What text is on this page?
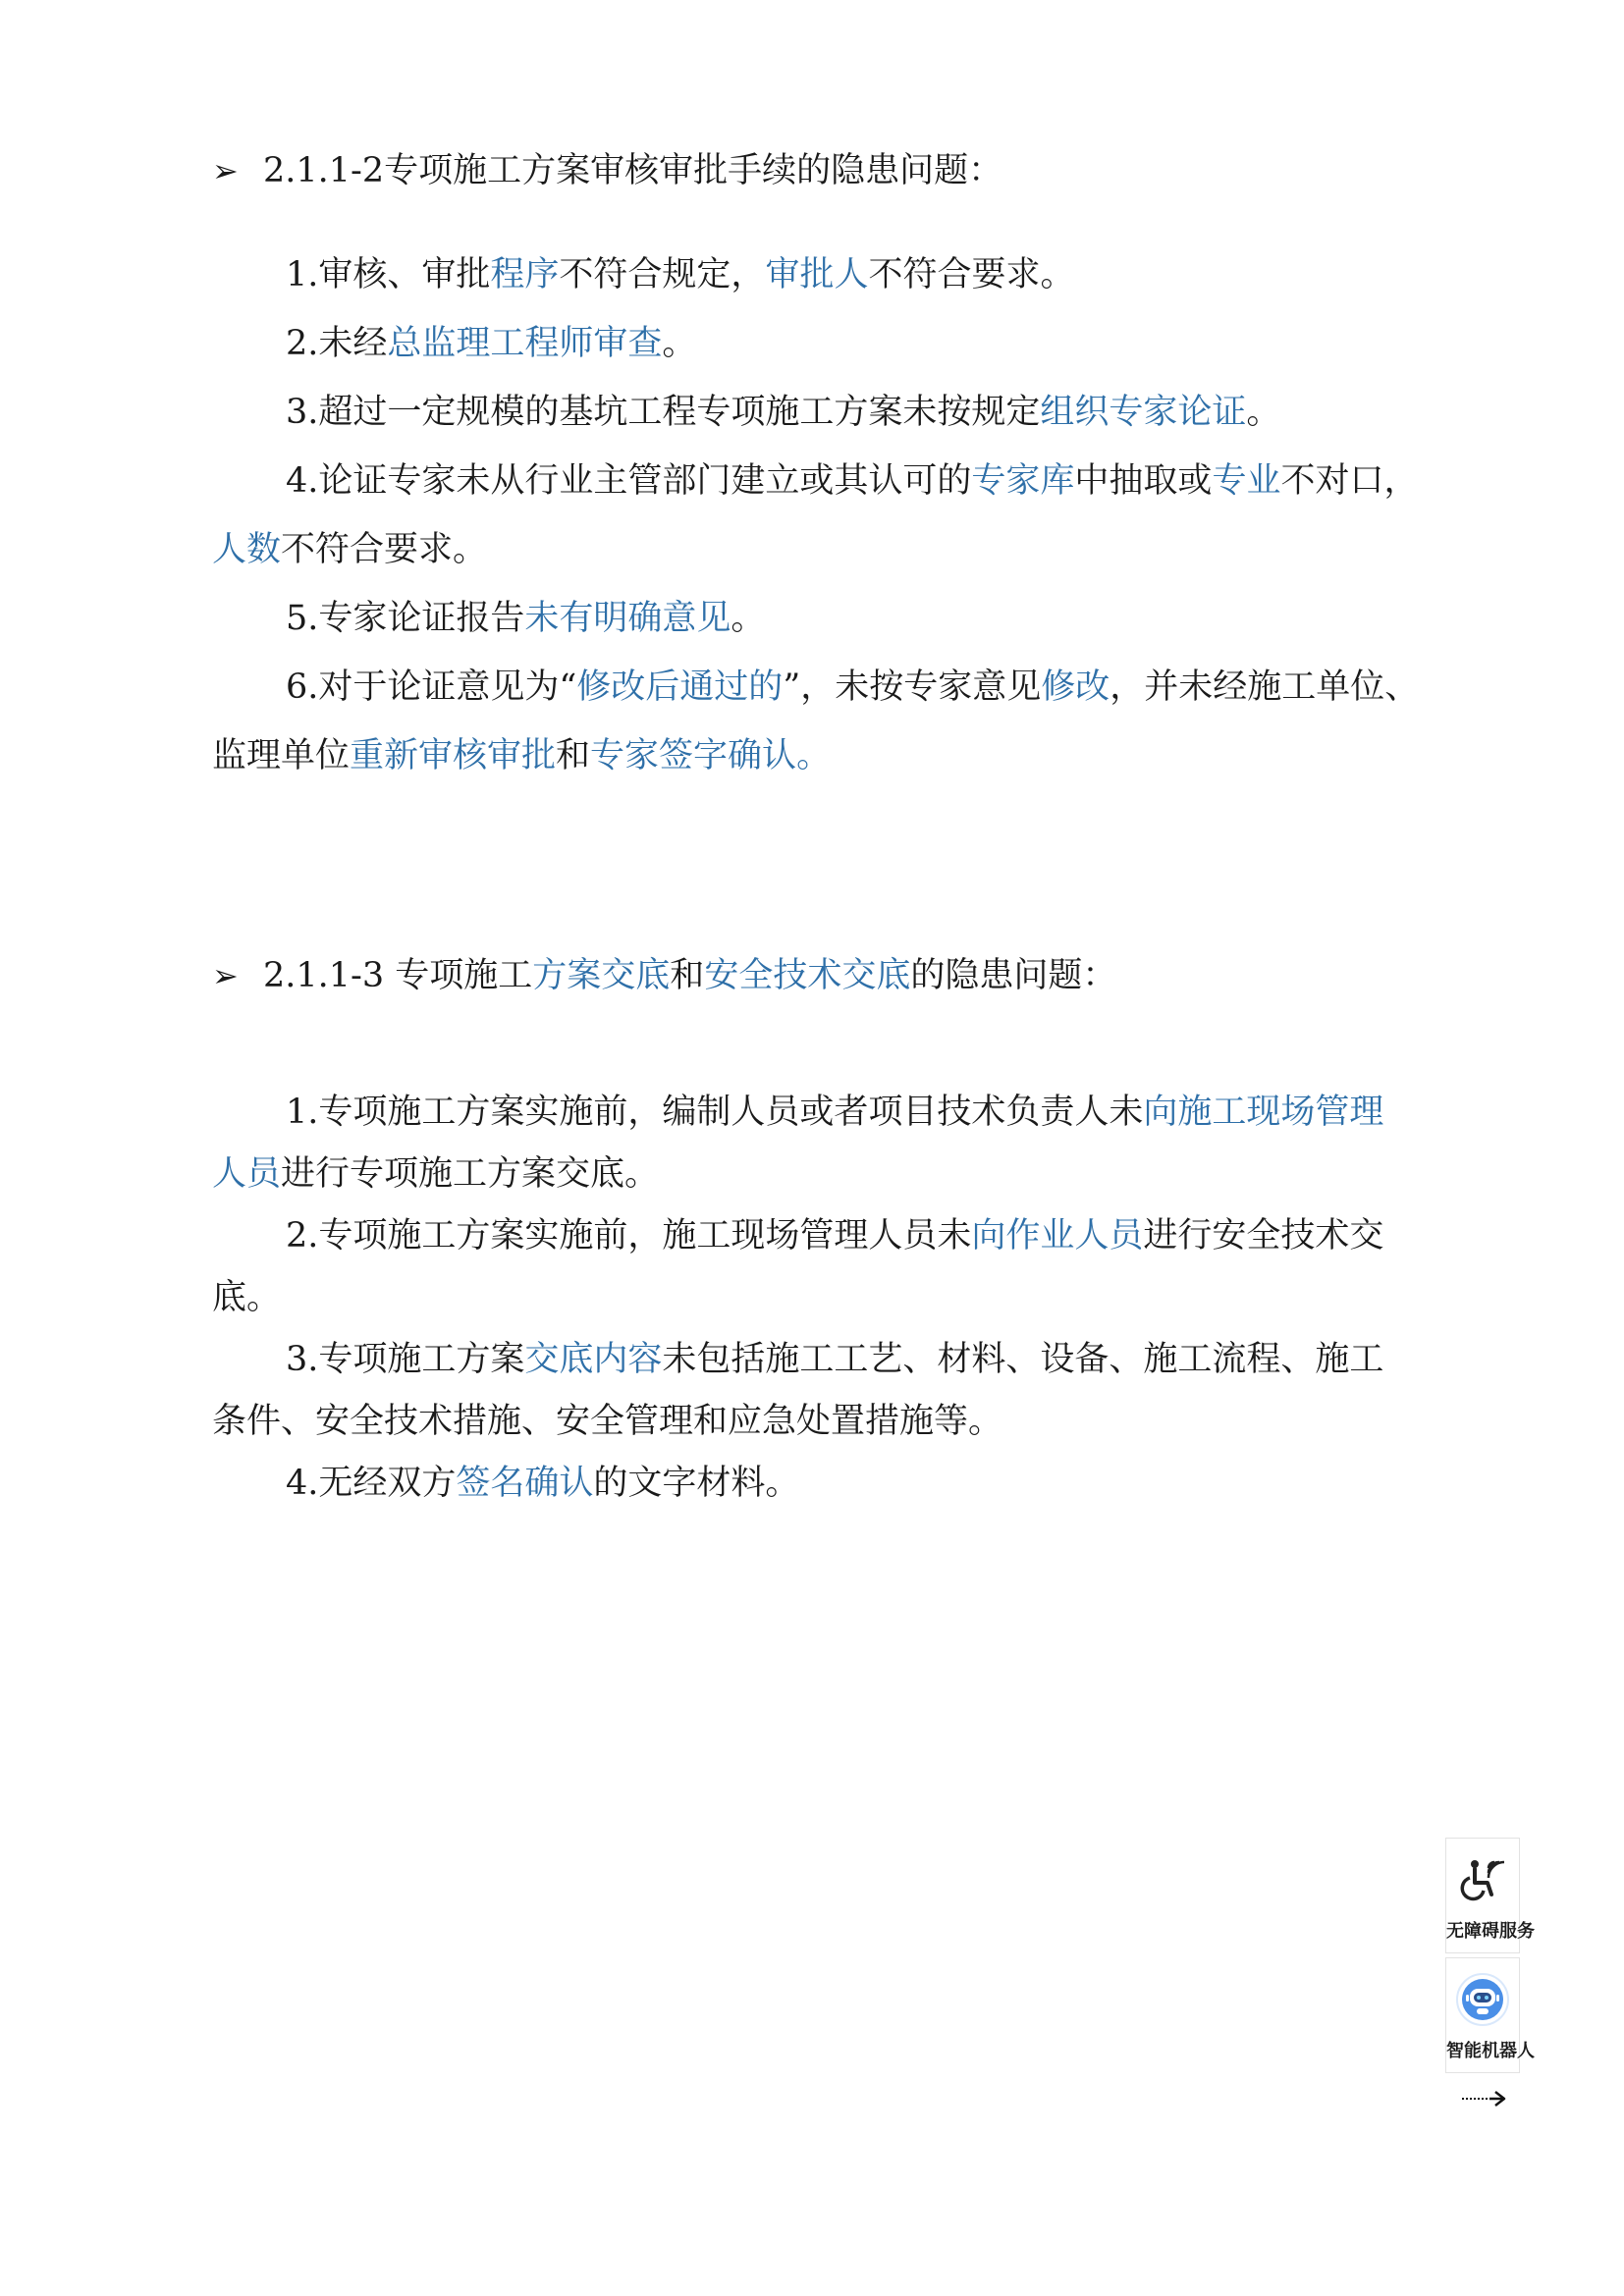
➢ 2.1.1-2专项施工方案审核审批手续的隐患问题：
1.审核、审批程序不符合规定，审批人不符合要求。
2.未经总监理工程师审查。
3.超过一定规模的基坑工程专项施工方案未按规定组织专家论证。
4.论证专家未从行业主管部门建立或其认可的专家库中抽取或专业不对口，人数不符合要求。
5.专家论证报告未有明确意见。
6.对于论证意见为“修改后通过的”，未按专家意见修改，并未经施工单位、监理单位重新审核审批和专家签字确认。
➢ 2.1.1-3 专项施工方案交底和安全技术交底的隐患问题：
1.专项施工方案实施前，编制人员或者项目技术负责人未向施工现场管理人员进行专项施工方案交底。
2.专项施工方案实施前，施工现场管理人员未向作业人员进行安全技术交底。
3.专项施工方案交底内容未包括施工工艺、材料、设备、施工流程、施工条件、安全技术措施、安全管理和应急处置措施等。
4.无经双方签名确认的文字材料。
无障碍服务
智能机器人
